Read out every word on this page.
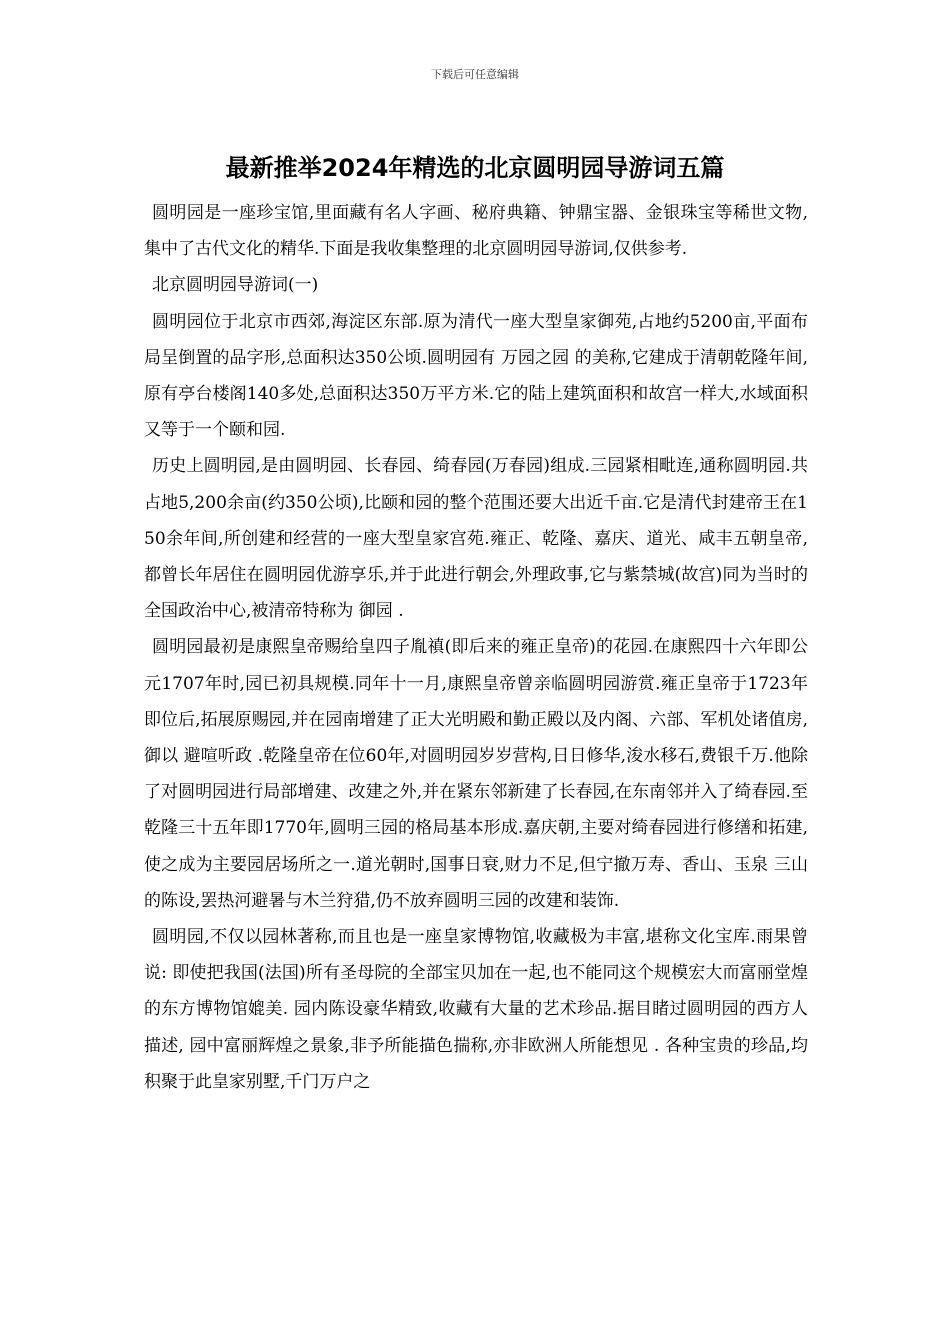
下载后可任意编辑
最新推举2024年精选的北京圆明园导游词五篇

圆明园是一座珍宝馆,里面藏有名人字画、秘府典籍、钟鼎宝器、金银珠宝等稀世文物,集中了古代文化的精华.下面是我收集整理的北京圆明园导游词,仅供参考.

北京圆明园导游词(一)

圆明园位于北京市西郊,海淀区东部.原为清代一座大型皇家御苑,占地约5200亩,平面布局呈倒置的品字形,总面积达350公顷.圆明园有 万园之园 的美称,它建成于清朝乾隆年间,原有亭台楼阁140多处,总面积达350万平方米.它的陆上建筑面积和故宫一样大,水域面积又等于一个颐和园.

历史上圆明园,是由圆明园、长春园、绮春园(万春园)组成.三园紧相毗连,通称圆明园.共占地5,200余亩(约350公顷),比颐和园的整个范围还要大出近千亩.它是清代封建帝王在150余年间,所创建和经营的一座大型皇家宫苑.雍正、乾隆、嘉庆、道光、咸丰五朝皇帝,都曾长年居住在圆明园优游享乐,并于此进行朝会,外理政事,它与紫禁城(故宫)同为当时的全国政治中心,被清帝特称为 御园 .

圆明园最初是康熙皇帝赐给皇四子胤禛(即后来的雍正皇帝)的花园.在康熙四十六年即公元1707年时,园已初具规模.同年十一月,康熙皇帝曾亲临圆明园游赏.雍正皇帝于1723年即位后,拓展原赐园,并在园南增建了正大光明殿和勤正殿以及内阁、六部、军机处诸值房,御以 避喧听政 .乾隆皇帝在位60年,对圆明园岁岁营构,日日修华,浚水移石,费银千万.他除了对圆明园进行局部增建、改建之外,并在紧东邻新建了长春园,在东南邻并入了绮春园.至乾隆三十五年即1770年,圆明三园的格局基本形成.嘉庆朝,主要对绮春园进行修缮和拓建,使之成为主要园居场所之一.道光朝时,国事日衰,财力不足,但宁撤万寿、香山、玉泉 三山 的陈设,罢热河避暑与木兰狩猎,仍不放弃圆明三园的改建和装饰.

圆明园,不仅以园林著称,而且也是一座皇家博物馆,收藏极为丰富,堪称文化宝库.雨果曾说: 即使把我国(法国)所有圣母院的全部宝贝加在一起,也不能同这个规模宏大而富丽堂煌的东方博物馆媲美. 园内陈设豪华精致,收藏有大量的艺术珍品.据目睹过圆明园的西方人描述, 园中富丽辉煌之景象,非予所能描色揣称,亦非欧洲人所能想见 . 各种宝贵的珍品,均积聚于此皇家别墅,千门万户之
